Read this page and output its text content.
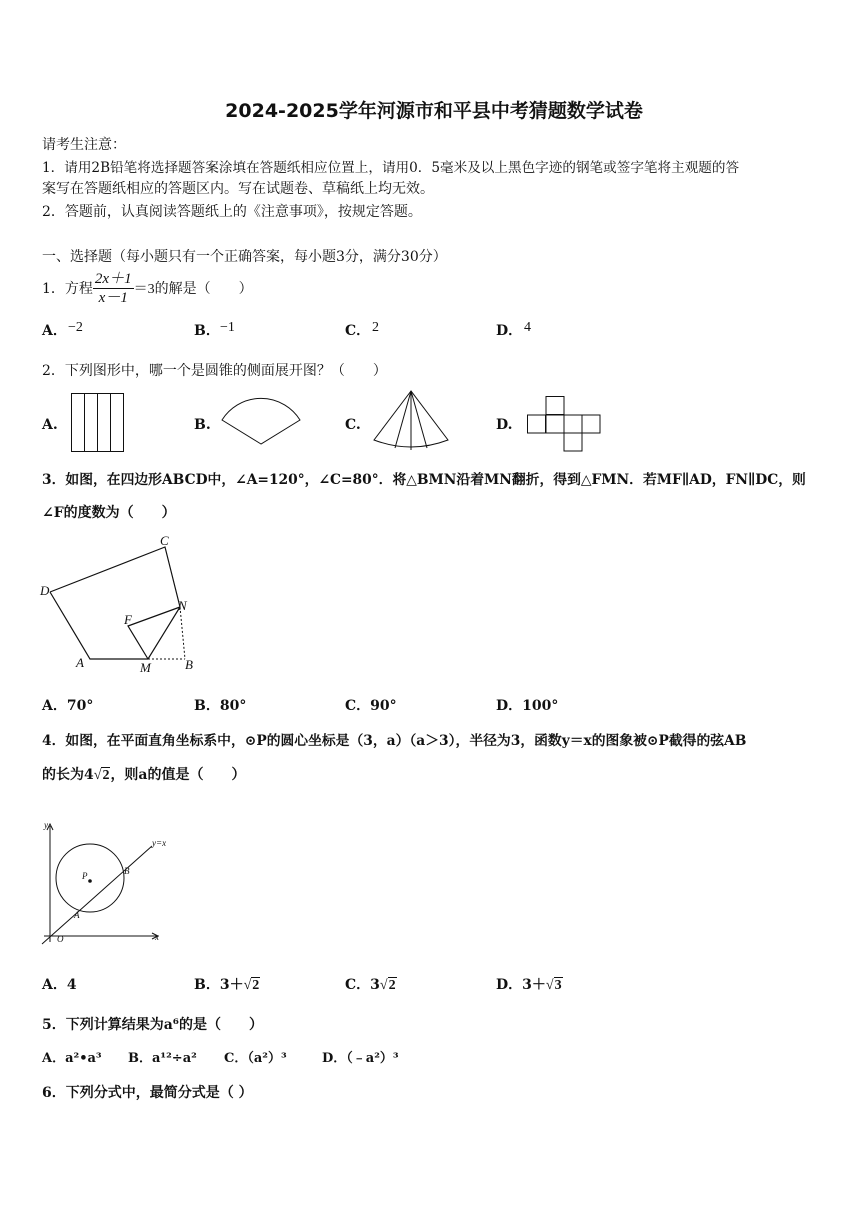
2024-2025学年河源市和平县中考猜题数学试卷
请考生注意：
1．请用2B铅笔将选择题答案涂填在答题纸相应位置上，请用0．5毫米及以上黑色字迹的钢笔或签字笔将主观题的答
案写在答题纸相应的答题区内。写在试题卷、草稿纸上均无效。
2．答题前，认真阅读答题纸上的《注意事项》，按规定答题。
一、选择题（每小题只有一个正确答案，每小题3分，满分30分）
1．方程 $\frac{2x+1}{x-1} =3$ 的解是（　　）
A． −2	B． −1	C． 2	D． 4
2．下列图形中，哪一个是圆锥的侧面展开图？（　　）
A.	B.	C.	D.
3．如图，在四边形ABCD中，∠A=120°，∠C=80°．将△BMN沿着MN翻折，得到△FMN．若MF∥AD，FN∥DC，则
∠F的度数为（　　）
C
D
A	M	B
F
N
A．70°	B．80°	C．90°	D．100°
4．如图，在平面直角坐标系中，⊙P的圆心坐标是（3，a）（a＞3），半径为3，函数y＝x的图象被⊙P截得的弦AB
的长为4√2，则a的值是（　　）
y
x
O
P
A
B
y=x
A．4	B．3＋√2	C．3√2	D．3＋√3
5．下列计算结果为a⁶的是（　　）
A．a²•a³ B．a¹²÷a² C．（a²）³	D．（﹣a²）³
6．下列分式中，最简分式是（ ）
